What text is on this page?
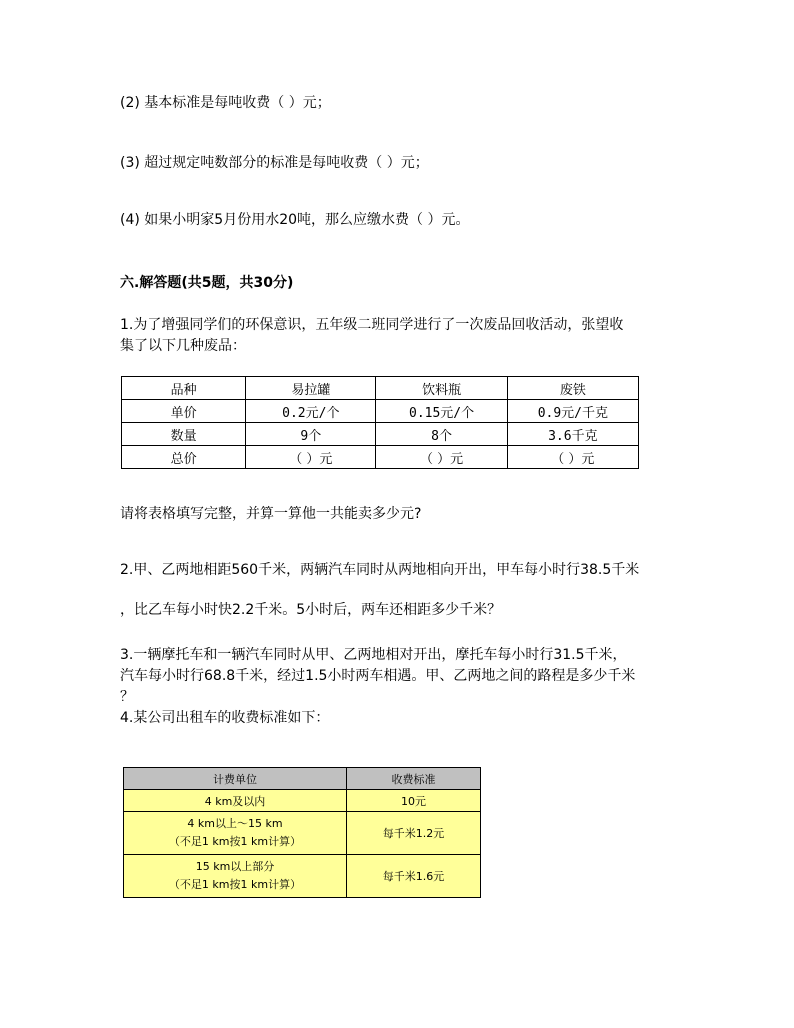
(2) 基本标准是每吨收费（ ）元；
(3) 超过规定吨数部分的标准是每吨收费（ ）元；
(4) 如果小明家5月份用水20吨，那么应缴水费（ ）元。
六.解答题(共5题，共30分)
1.为了增强同学们的环保意识，五年级二班同学进行了一次废品回收活动，张望收
集了以下几种废品：
品种	易拉罐	饮料瓶	废铁
单价	0.2元/个	0.15元/个	0.9元/千克
数量	9个	8个	3.6千克
总价	（ ）元	（ ）元	（ ）元
请将表格填写完整，并算一算他一共能卖多少元?
2.甲、乙两地相距560千米，两辆汽车同时从两地相向开出，甲车每小时行38.5千米
，比乙车每小时快2.2千米。5小时后，两车还相距多少千米？
3.一辆摩托车和一辆汽车同时从甲、乙两地相对开出，摩托车每小时行31.5千米，
汽车每小时行68.8千米，经过1.5小时两车相遇。甲、乙两地之间的路程是多少千米
？
4.某公司出租车的收费标准如下：
计费单位	收费标准
4 km及以内	10元

4 km以上～15 km
（不足1 km按1 km计算）	每千米1.2元

15 km以上部分
（不足1 km按1 km计算）	每千米1.6元
